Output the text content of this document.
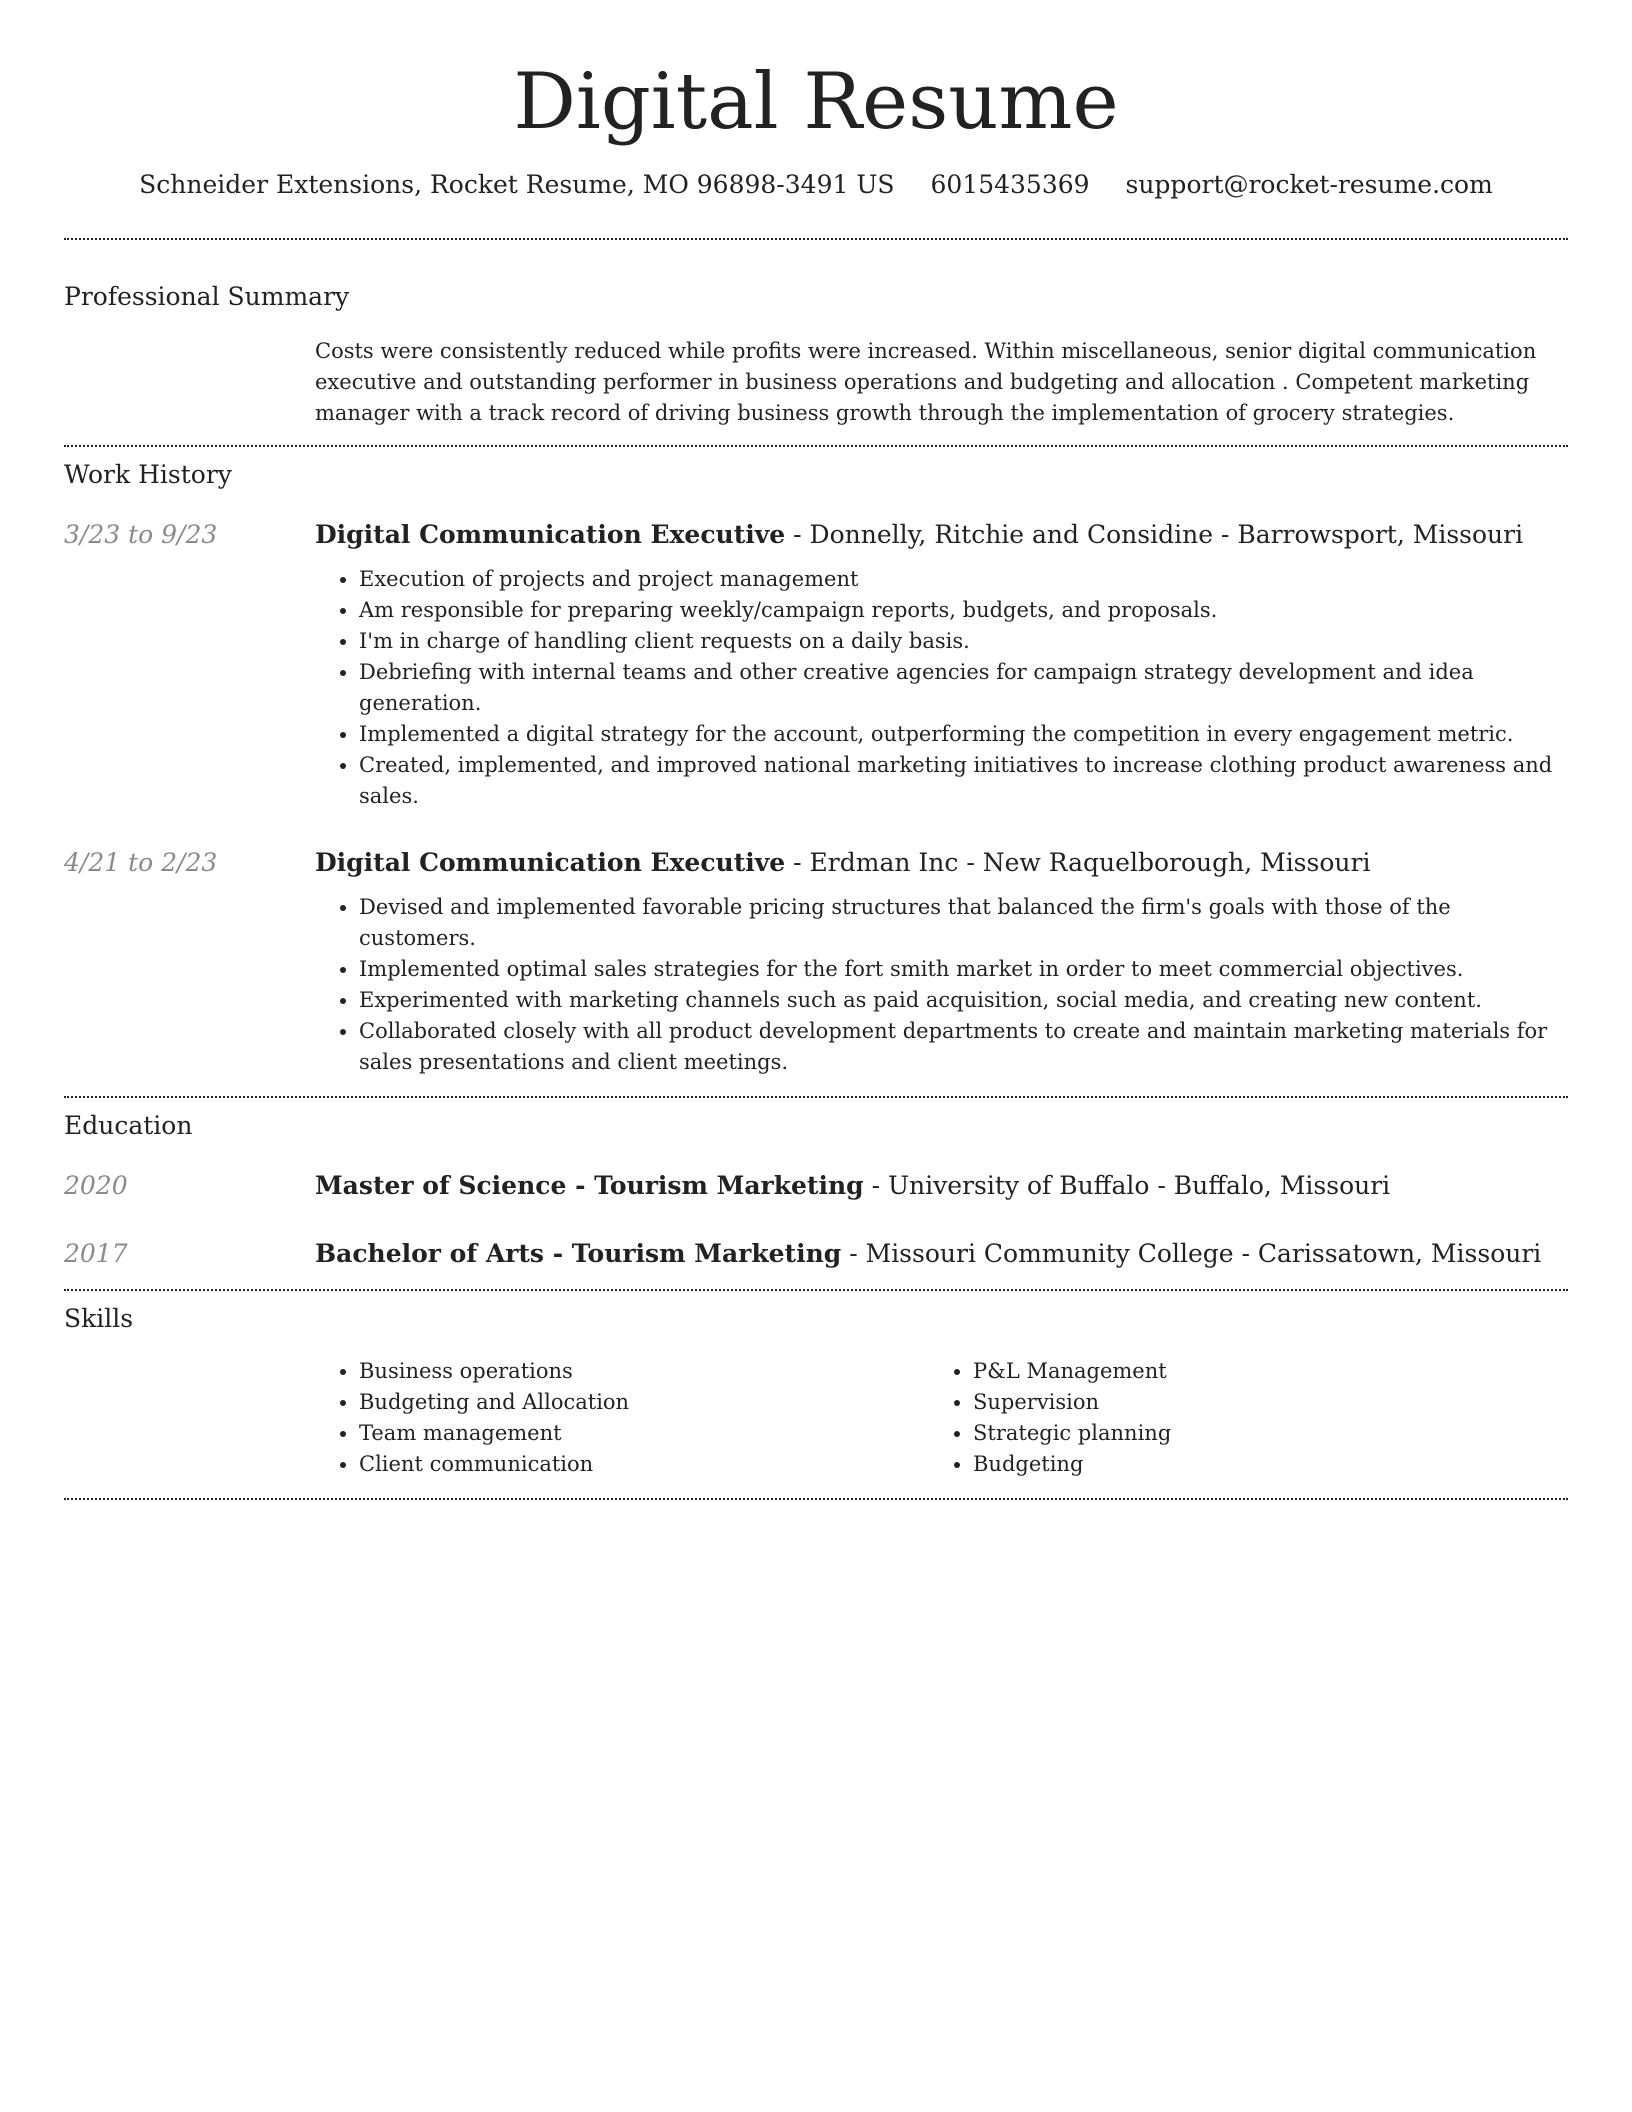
Digital Resume
Schneider Extensions, Rocket Resume, MO 96898-3491 US 6015435369 support@rocket-resume.com
Professional Summary

Costs were consistently reduced while profits were increased. Within miscellaneous, senior digital communication executive and outstanding performer in business operations and budgeting and allocation . Competent marketing manager with a track record of driving business growth through the implementation of grocery strategies.

Work History
3/23 to 9/23	Digital Communication Executive - Donnelly, Ritchie and Considine - Barrowsport, Missouri
• Execution of projects and project management
• Am responsible for preparing weekly/campaign reports, budgets, and proposals.
• I'm in charge of handling client requests on a daily basis.
• Debriefing with internal teams and other creative agencies for campaign strategy development and idea generation.
• Implemented a digital strategy for the account, outperforming the competition in every engagement metric.
• Created, implemented, and improved national marketing initiatives to increase clothing product awareness and sales.
4/21 to 2/23	Digital Communication Executive - Erdman Inc - New Raquelborough, Missouri
• Devised and implemented favorable pricing structures that balanced the firm's goals with those of the customers.
• Implemented optimal sales strategies for the fort smith market in order to meet commercial objectives.
• Experimented with marketing channels such as paid acquisition, social media, and creating new content.
• Collaborated closely with all product development departments to create and maintain marketing materials for sales presentations and client meetings.
Education
2020	Master of Science - Tourism Marketing - University of Buffalo - Buffalo, Missouri
2017	Bachelor of Arts - Tourism Marketing - Missouri Community College - Carissatown, Missouri
Skills
• Business operations
• Budgeting and Allocation
• Team management
• Client communication
• P&L Management
• Supervision
• Strategic planning
• Budgeting
